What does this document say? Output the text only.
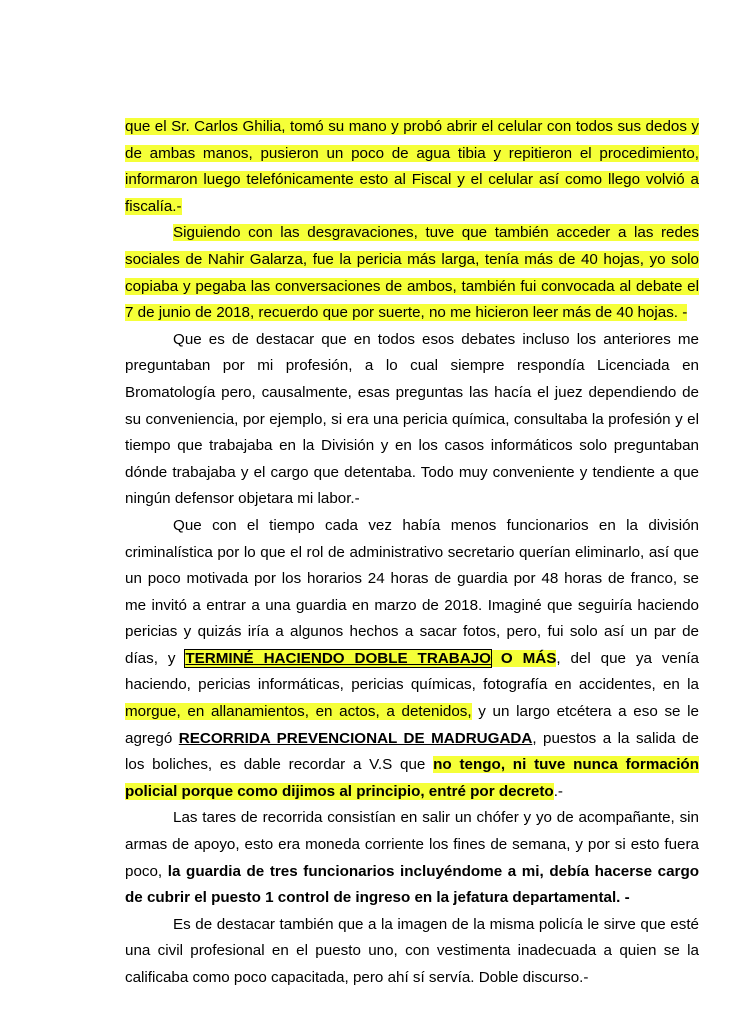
que el Sr. Carlos Ghilia, tomó su mano y probó abrir el celular con todos sus dedos y de ambas manos, pusieron un poco de agua tibia y repitieron el procedimiento, informaron luego telefónicamente esto al Fiscal y el celular así como llego volvió a fiscalía.-

Siguiendo con las desgravaciones, tuve que también acceder a las redes sociales de Nahir Galarza, fue la pericia más larga, tenía más de 40 hojas, yo solo copiaba y pegaba las conversaciones de ambos, también fui convocada al debate el 7 de junio de 2018, recuerdo que por suerte, no me hicieron leer más de 40 hojas. -

Que es de destacar que en todos esos debates incluso los anteriores me preguntaban por mi profesión, a lo cual siempre respondía Licenciada en Bromatología pero, causalmente, esas preguntas las hacía el juez dependiendo de su conveniencia, por ejemplo, si era una pericia química, consultaba la profesión y el tiempo que trabajaba en la División y en los casos informáticos solo preguntaban dónde trabajaba y el cargo que detentaba. Todo muy conveniente y tendiente a que ningún defensor objetara mi labor.-

Que con el tiempo cada vez había menos funcionarios en la división criminalística por lo que el rol de administrativo secretario querían eliminarlo, así que un poco motivada por los horarios 24 horas de guardia por 48 horas de franco, se me invitó a entrar a una guardia en marzo de 2018. Imaginé que seguiría haciendo pericias y quizás iría a algunos hechos a sacar fotos, pero, fui solo así un par de días, y TERMINÉ HACIENDO DOBLE TRABAJO O MÁS, del que ya venía haciendo, pericias informáticas, pericias químicas, fotografía en accidentes, en la morgue, en allanamientos, en actos, a detenidos, y un largo etcétera a eso se le agregó RECORRIDA PREVENCIONAL DE MADRUGADA, puestos a la salida de los boliches, es dable recordar a V.S que no tengo, ni tuve nunca formación policial porque como dijimos al principio, entré por decreto.-

Las tares de recorrida consistían en salir un chófer y yo de acompañante, sin armas de apoyo, esto era moneda corriente los fines de semana, y por si esto fuera poco, la guardia de tres funcionarios incluyéndome a mi, debía hacerse cargo de cubrir el puesto 1 control de ingreso en la jefatura departamental. -

Es de destacar también que a la imagen de la misma policía le sirve que esté una civil profesional en el puesto uno, con vestimenta inadecuada a quien se la calificaba como poco capacitada, pero ahí sí servía. Doble discurso.-
